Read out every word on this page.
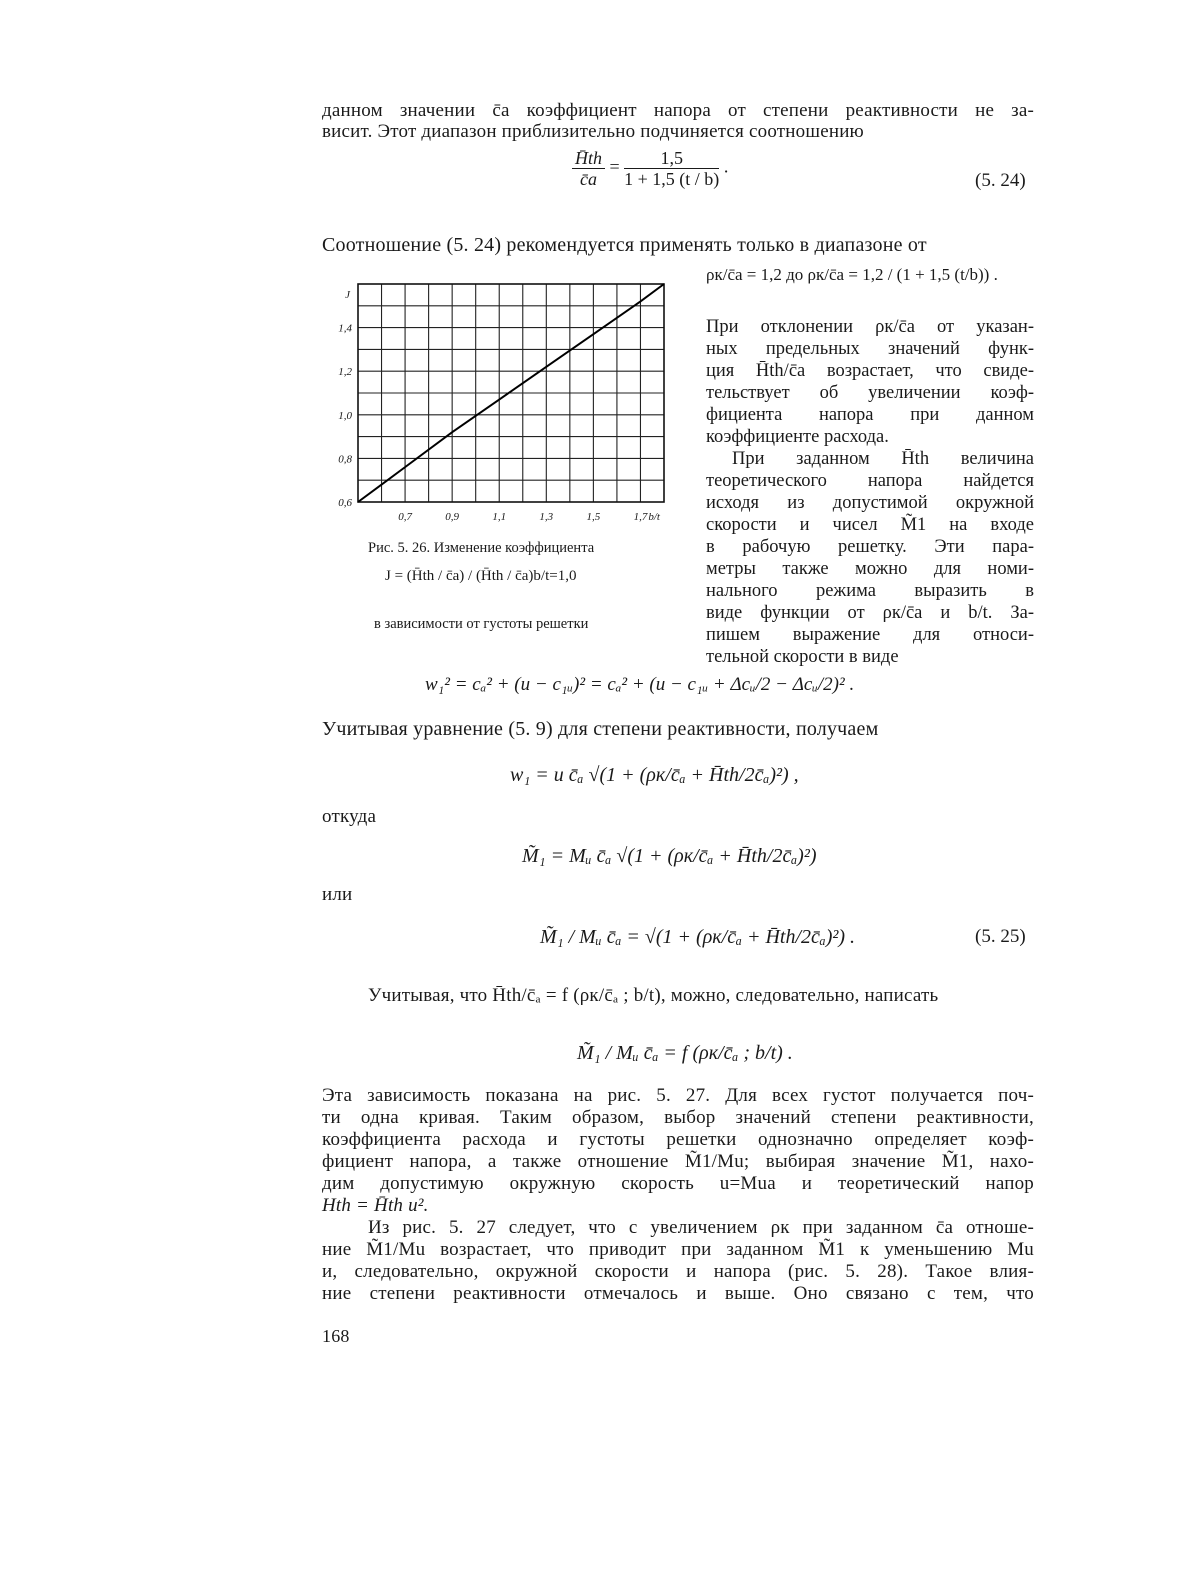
данном значении c̄a коэффициент напора от степени реактивности не за-
висит. Этот диапазон приблизительно подчиняется соотношению
$\frac{H̄th}{c̄a} = \frac{1,5}{1 + 1,5 (t / b)}$ .
(5. 24)
Соотношение (5. 24) рекомендуется применять только в диапазоне от
0,7	0,9	1,1	1,3	1,5	1,7
0,6
0,8
1,0
1,2
1,4
b/t
J
Рис. 5. 26. Изменение коэффициента
J = (H̄th / c̄a) / (H̄th / c̄a)b/t=1,0
в зависимости от густоты решетки
ρк/c̄a = 1,2 до ρк/c̄a = 1,2 / (1 + 1,5 (t/b)) .
При отклонении ρк/c̄a от указан-
ных предельных значений функ-
ция H̄th/c̄a возрастает, что свиде-
тельствует об увеличении коэф-
фициента напора при данном
коэффициенте расхода.
При заданном H̄th величина
теоретического напора найдется
исходя из допустимой окружной
скорости и чисел M̃1 на входе
в рабочую решетку. Эти пара-
метры также можно для номи-
нального режима выразить в
виде функции от ρк/c̄a и b/t. За-
пишем выражение для относи-
тельной скорости в виде
w₁² = cₐ² + (u − c₁ᵤ)² = cₐ² + (u − c₁ᵤ + Δcᵤ/2 − Δcᵤ/2)² .
Учитывая уравнение (5. 9) для степени реактивности, получаем
w₁ = u c̄ₐ √(1 + (ρк/c̄ₐ + H̄th/2c̄ₐ)²) ,
откуда
M̃₁ = Mᵤ c̄ₐ √(1 + (ρк/c̄ₐ + H̄th/2c̄ₐ)²)
или
M̃₁ / Mᵤ c̄ₐ = √(1 + (ρк/c̄ₐ + H̄th/2c̄ₐ)²) .	(5. 25)
Учитывая, что H̄th/c̄ₐ = f (ρк/c̄ₐ ; b/t), можно, следовательно, написать
M̃₁ / Mᵤ c̄ₐ = f (ρк/c̄ₐ ; b/t) .
Эта зависимость показана на рис. 5. 27. Для всех густот получается поч-
ти одна кривая. Таким образом, выбор значений степени реактивности,
коэффициента расхода и густоты решетки однозначно определяет коэф-
фициент напора, а также отношение M̃1/Mu; выбирая значение M̃1, нахо-
дим допустимую окружную скорость u=Mua и теоретический напор
Hth = H̄th u².
Из рис. 5. 27 следует, что с увеличением ρк при заданном c̄a отноше-
ние M̃1/Mu возрастает, что приводит при заданном M̃1 к уменьшению Mu
и, следовательно, окружной скорости и напора (рис. 5. 28). Такое влия-
ние степени реактивности отмечалось и выше. Оно связано с тем, что
168
